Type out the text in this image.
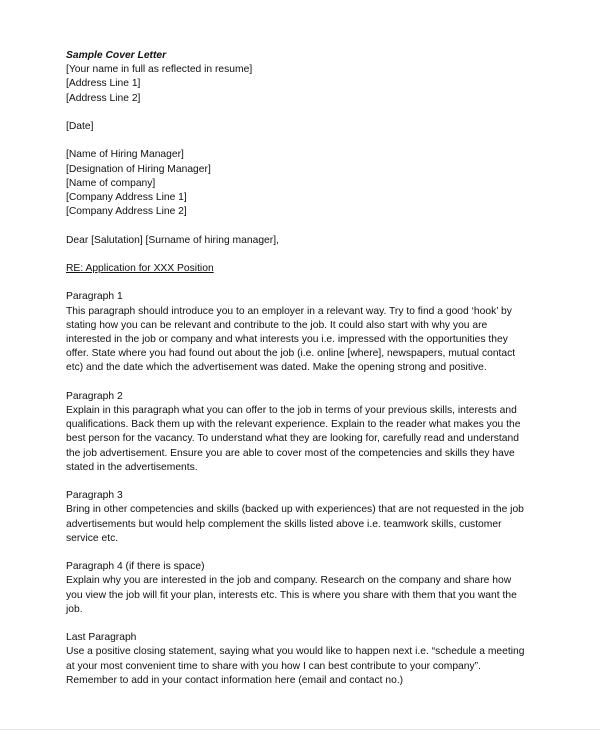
Sample Cover Letter
[Your name in full as reflected in resume]
[Address Line 1]
[Address Line 2]
[Date]
[Name of Hiring Manager]
[Designation of Hiring Manager]
[Name of company]
[Company Address Line 1]
[Company Address Line 2]
Dear [Salutation] [Surname of hiring manager],
RE: Application for XXX Position
Paragraph 1
This paragraph should introduce you to an employer in a relevant way. Try to find a good ‘hook’ by
stating how you can be relevant and contribute to the job. It could also start with why you are
interested in the job or company and what interests you i.e. impressed with the opportunities they
offer. State where you had found out about the job (i.e. online [where], newspapers, mutual contact
etc) and the date which the advertisement was dated. Make the opening strong and positive.
Paragraph 2
Explain in this paragraph what you can offer to the job in terms of your previous skills, interests and
qualifications. Back them up with the relevant experience. Explain to the reader what makes you the
best person for the vacancy. To understand what they are looking for, carefully read and understand
the job advertisement. Ensure you are able to cover most of the competencies and skills they have
stated in the advertisements.
Paragraph 3
Bring in other competencies and skills (backed up with experiences) that are not requested in the job
advertisements but would help complement the skills listed above i.e. teamwork skills, customer
service etc.
Paragraph 4 (if there is space)
Explain why you are interested in the job and company. Research on the company and share how
you view the job will fit your plan, interests etc. This is where you share with them that you want the
job.
Last Paragraph
Use a positive closing statement, saying what you would like to happen next i.e. “schedule a meeting
at your most convenient time to share with you how I can best contribute to your company”.
Remember to add in your contact information here (email and contact no.)
